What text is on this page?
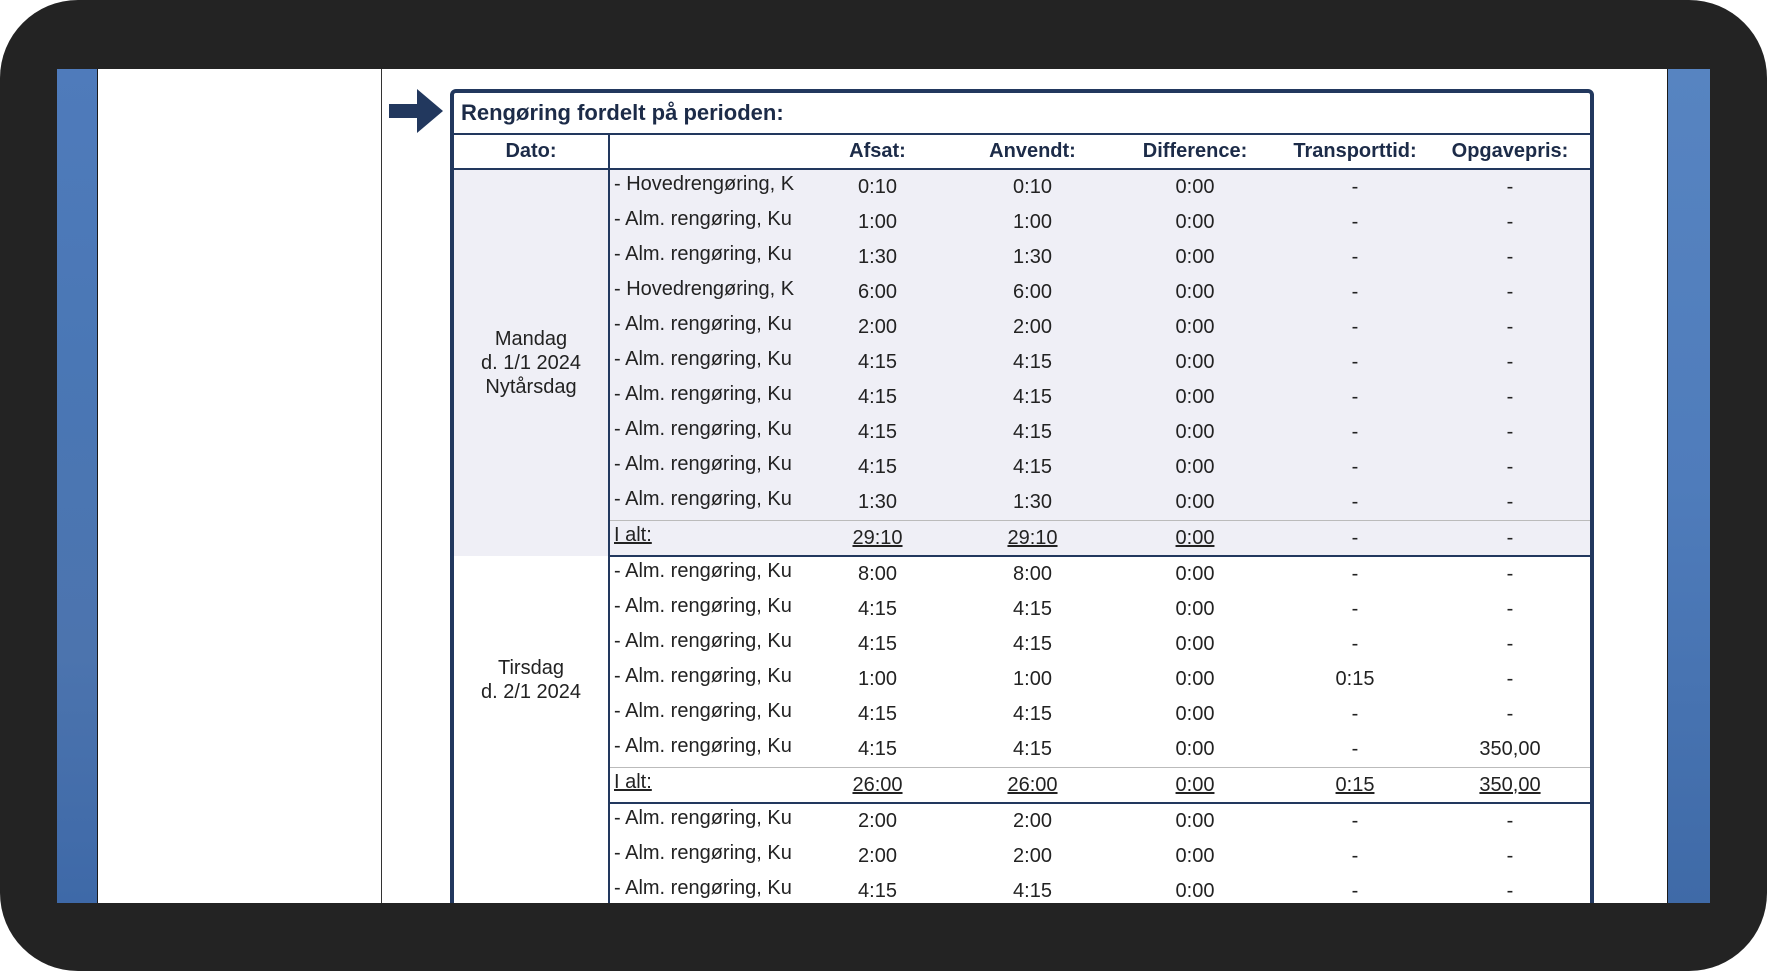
Rengøring fordelt på perioden:
Dato:		Afsat:	Anvendt:	Difference:	Transporttid:	Opgavepris:

Mandag
d. 1/1 2024
Nytårsdag	- Hovedrengøring, K	0:10	0:10	0:00	-	-
	- Alm. rengøring, Ku	1:00	1:00	0:00	-	-
	- Alm. rengøring, Ku	1:30	1:30	0:00	-	-
	- Hovedrengøring, K	6:00	6:00	0:00	-	-
	- Alm. rengøring, Ku	2:00	2:00	0:00	-	-
	- Alm. rengøring, Ku	4:15	4:15	0:00	-	-
	- Alm. rengøring, Ku	4:15	4:15	0:00	-	-
	- Alm. rengøring, Ku	4:15	4:15	0:00	-	-
	- Alm. rengøring, Ku	4:15	4:15	0:00	-	-
	- Alm. rengøring, Ku	1:30	1:30	0:00	-	-
	I alt:	29:10	29:10	0:00	-	-

Tirsdag
d. 2/1 2024	- Alm. rengøring, Ku	8:00	8:00	0:00	-	-
	- Alm. rengøring, Ku	4:15	4:15	0:00	-	-
	- Alm. rengøring, Ku	4:15	4:15	0:00	-	-
	- Alm. rengøring, Ku	1:00	1:00	0:00	0:15	-
	- Alm. rengøring, Ku	4:15	4:15	0:00	-	-
	- Alm. rengøring, Ku	4:15	4:15	0:00	-	350,00
	I alt:	26:00	26:00	0:00	0:15	350,00

	- Alm. rengøring, Ku	2:00	2:00	0:00	-	-
	- Alm. rengøring, Ku	2:00	2:00	0:00	-	-
	- Alm. rengøring, Ku	4:15	4:15	0:00	-	-
